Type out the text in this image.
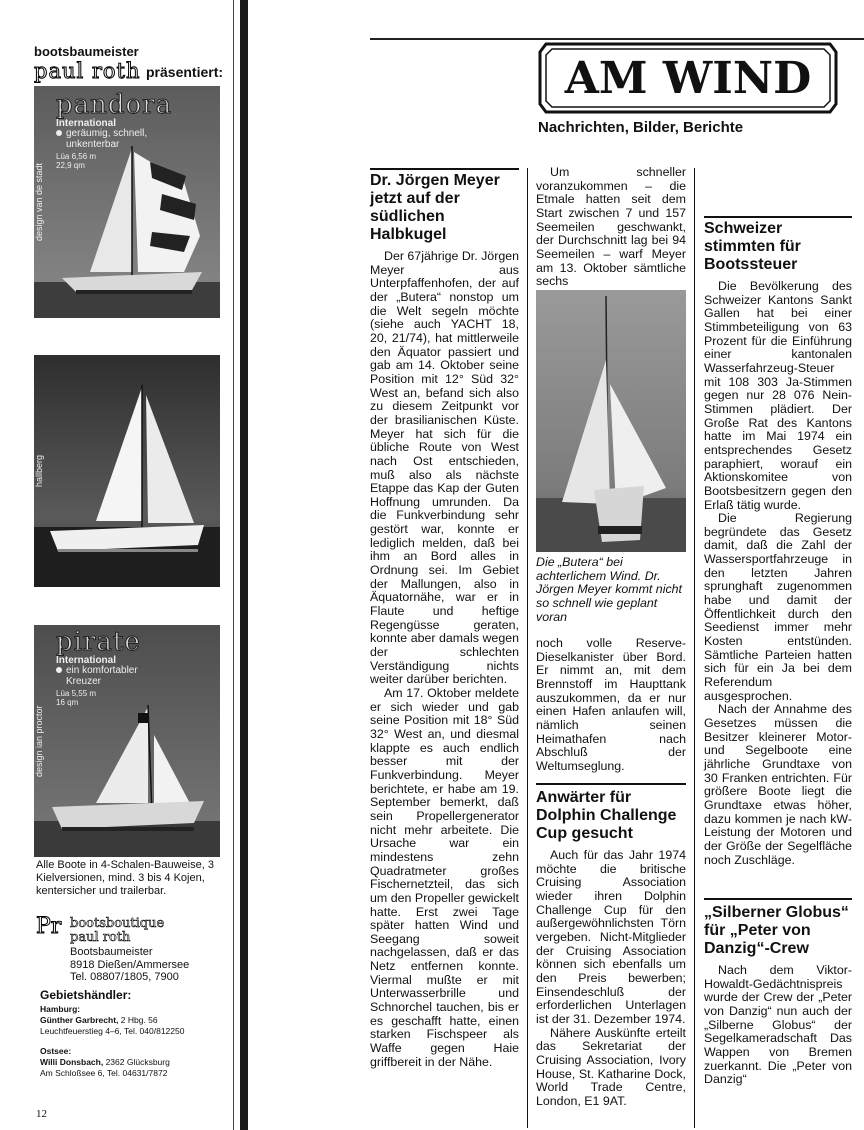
bootsbaumeister
paul roth präsentiert:
pandora
International
geräumig, schnell,
unkenterbar
Lüa 6,56 m
22,9 qm
design van de stadt
hallberg
pirate
International
ein komfortabler
Kreuzer
Lüa 5,55 m
16 qm
design ian proctor
Alle Boote in 4-Schalen-Bauweise, 3 Kielversionen, mind. 3 bis 4 Kojen, kentersicher und trailerbar.
Pr bootsboutique
paul roth
Bootsbaumeister
8918 Dießen/Ammersee
Tel. 08807/1805, 7900
Gebietshändler:
Hamburg:
Günther Garbrecht, 2 Hbg. 56
Leuchtfeuerstieg 4–6, Tel. 040/812250
Ostsee:
Willi Donsbach, 2362 Glücksburg
Am Schloßsee 6, Tel. 04631/7872
12
AM WIND
Nachrichten, Bilder, Berichte

Dr. Jörgen Meyer jetzt auf der südlichen Halbkugel

Der 67jährige Dr. Jörgen Meyer aus Unterpfaffenhofen, der auf der „Butera“ nonstop um die Welt segeln möchte (siehe auch YACHT 18, 20, 21/74), hat mittlerweile den Äquator passiert und gab am 14. Oktober seine Position mit 12° Süd 32° West an, befand sich also zu diesem Zeitpunkt vor der brasilianischen Küste. Meyer hat sich für die übliche Route von West nach Ost entschieden, muß also als nächste Etappe das Kap der Guten Hoffnung umrunden. Da die Funkverbindung sehr gestört war, konnte er lediglich melden, daß bei ihm an Bord alles in Ordnung sei. Im Gebiet der Mallungen, also in Äquatornähe, war er in Flaute und heftige Regengüsse geraten, konnte aber damals wegen der schlechten Verständigung nichts weiter darüber berichten.

Am 17. Oktober meldete er sich wieder und gab seine Position mit 18° Süd 32° West an, und diesmal klappte es auch endlich besser mit der Funkverbindung. Meyer berichtete, er habe am 19. September bemerkt, daß sein Propellergenerator nicht mehr arbeitete. Die Ursache war ein mindestens zehn Quadratmeter großes Fischernetzteil, das sich um den Propeller gewickelt hatte. Erst zwei Tage später hatten Wind und Seegang soweit nachgelassen, daß er das Netz entfernen konnte. Viermal mußte er mit Unterwasserbrille und Schnorchel tauchen, bis er es geschafft hatte, einen starken Fischspeer als Waffe gegen Haie griffbereit in der Nähe.

Um schneller voranzukommen – die Etmale hatten seit dem Start zwischen 7 und 157 Seemeilen geschwankt, der Durchschnitt lag bei 94 Seemeilen – warf Meyer am 13. Oktober sämtliche sechs

Die „Butera“ bei achterlichem Wind. Dr. Jörgen Meyer kommt nicht so schnell wie geplant voran

noch volle Reserve-Dieselkanister über Bord. Er nimmt an, mit dem Brennstoff im Haupttank auszukommen, da er nur einen Hafen anlaufen will, nämlich seinen Heimathafen nach Abschluß der Weltumseglung.

Anwärter für Dolphin Challenge Cup gesucht

Auch für das Jahr 1974 möchte die britische Cruising Association wieder ihren Dolphin Challenge Cup für den außergewöhnlichsten Törn vergeben. Nicht-Mitglieder der Cruising Association können sich ebenfalls um den Preis bewerben; Einsendeschluß der erforderlichen Unterlagen ist der 31. Dezember 1974.

Nähere Auskünfte erteilt das Sekretariat der Cruising Association, Ivory House, St. Katharine Dock, World Trade Centre, London, E1 9AT.

Schweizer stimmten für Bootssteuer

Die Bevölkerung des Schweizer Kantons Sankt Gallen hat bei einer Stimmbeteiligung von 63 Prozent für die Einführung einer kantonalen Wasserfahrzeug-Steuer mit 108 303 Ja-Stimmen gegen nur 28 076 Nein-Stimmen plädiert. Der Große Rat des Kantons hatte im Mai 1974 ein entsprechendes Gesetz paraphiert, worauf ein Aktionskomitee von Bootsbesitzern gegen den Erlaß tätig wurde.

Die Regierung begründete das Gesetz damit, daß die Zahl der Wassersportfahrzeuge in den letzten Jahren sprunghaft zugenommen habe und damit der Öffentlichkeit durch den Seedienst immer mehr Kosten entstünden. Sämtliche Parteien hatten sich für ein Ja bei dem Referendum ausgesprochen.

Nach der Annahme des Gesetzes müssen die Besitzer kleinerer Motor- und Segelboote eine jährliche Grundtaxe von 30 Franken entrichten. Für größere Boote liegt die Grundtaxe etwas höher, dazu kommen je nach kW-Leistung der Motoren und der Größe der Segelfläche noch Zuschläge.

„Silberner Globus“ für „Peter von Danzig“-Crew

Nach dem Viktor-Howaldt-Gedächtnispreis wurde der Crew der „Peter von Danzig“ nun auch der „Silberne Globus“ der Segelkameradschaft Das Wappen von Bremen zuerkannt. Die „Peter von Danzig“
